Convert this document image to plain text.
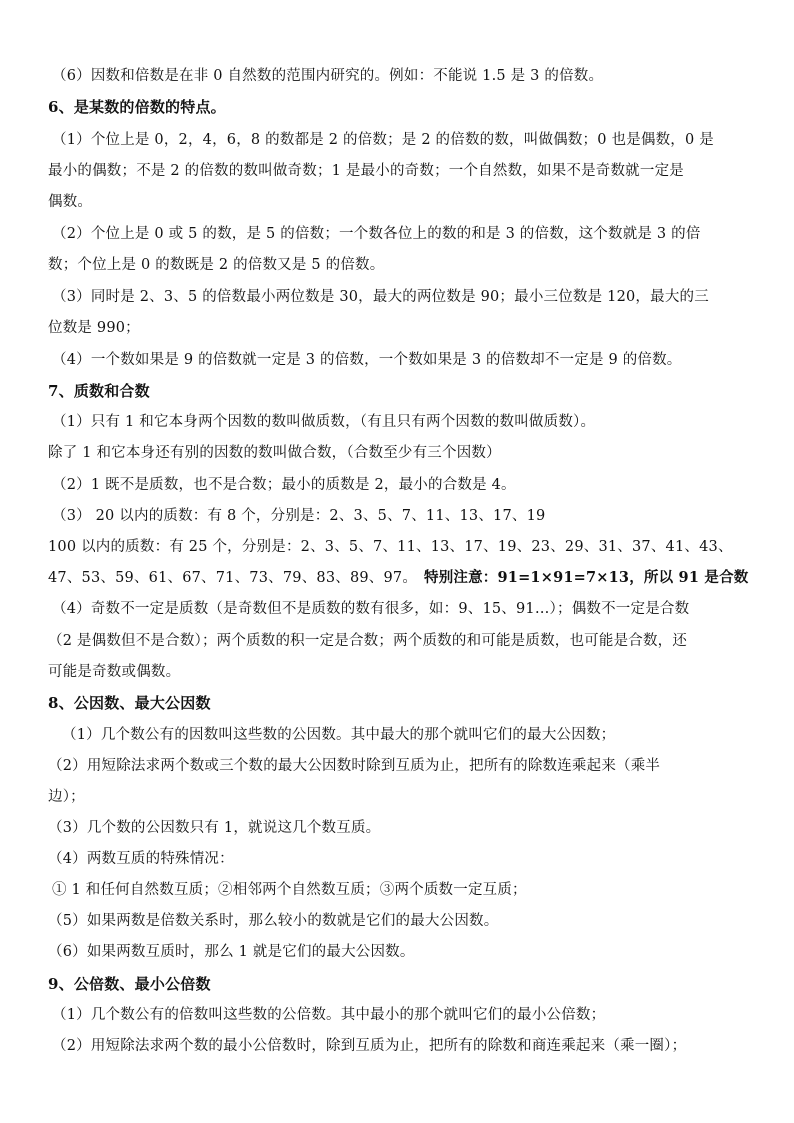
（6）因数和倍数是在非 0 自然数的范围内研究的。例如：不能说 1.5 是 3 的倍数。
6、是某数的倍数的特点。
（1）个位上是 0，2，4，6，8 的数都是 2 的倍数；是 2 的倍数的数，叫做偶数；0 也是偶数，0 是
最小的偶数；不是 2 的倍数的数叫做奇数；1 是最小的奇数；一个自然数，如果不是奇数就一定是
偶数。
（2）个位上是 0 或 5 的数，是 5 的倍数；一个数各位上的数的和是 3 的倍数，这个数就是 3 的倍
数；个位上是 0 的数既是 2 的倍数又是 5 的倍数。
（3）同时是 2、3、5 的倍数最小两位数是 30，最大的两位数是 90；最小三位数是 120，最大的三
位数是 990；
（4）一个数如果是 9 的倍数就一定是 3 的倍数，一个数如果是 3 的倍数却不一定是 9 的倍数。
7、质数和合数
（1）只有 1 和它本身两个因数的数叫做质数，（有且只有两个因数的数叫做质数）。
除了 1 和它本身还有别的因数的数叫做合数，（合数至少有三个因数）
（2）1 既不是质数，也不是合数；最小的质数是 2，最小的合数是 4。
（3） 20 以内的质数：有 8 个，分别是：2、3、5、7、11、13、17、19
100 以内的质数：有 25 个，分别是：2、3、5、7、11、13、17、19、23、29、31、37、41、43、
47、53、59、61、67、71、73、79、83、89、97。 特别注意：91=1×91=7×13，所以 91 是合数
（4）奇数不一定是质数（是奇数但不是质数的数有很多，如：9、15、91…）；偶数不一定是合数
（2 是偶数但不是合数）；两个质数的积一定是合数；两个质数的和可能是质数，也可能是合数，还
可能是奇数或偶数。
8、公因数、最大公因数
（1）几个数公有的因数叫这些数的公因数。其中最大的那个就叫它们的最大公因数；
（2）用短除法求两个数或三个数的最大公因数时除到互质为止，把所有的除数连乘起来（乘半
边）；
（3）几个数的公因数只有 1，就说这几个数互质。
（4）两数互质的特殊情况：
① 1 和任何自然数互质；②相邻两个自然数互质；③两个质数一定互质；
（5）如果两数是倍数关系时，那么较小的数就是它们的最大公因数。
（6）如果两数互质时，那么 1 就是它们的最大公因数。
9、公倍数、最小公倍数
（1）几个数公有的倍数叫这些数的公倍数。其中最小的那个就叫它们的最小公倍数；
（2）用短除法求两个数的最小公倍数时，除到互质为止，把所有的除数和商连乘起来（乘一圈）；
